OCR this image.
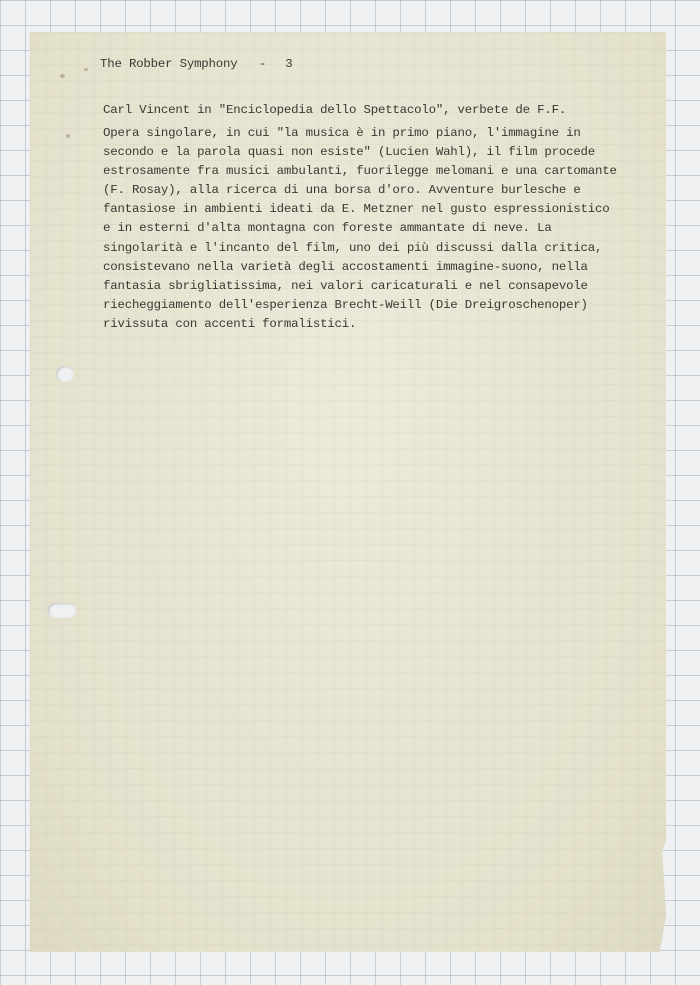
The Robber Symphony - 3
Carl Vincent in "Enciclopedia dello Spettacolo", verbete de F.F.
Opera singolare, in cui "la musica è in primo piano, l'immagine in
secondo e la parola quasi non esiste" (Lucien Wahl), il film procede
estrosamente fra musici ambulanti, fuorilegge melomani e una cartomante
(F. Rosay), alla ricerca di una borsa d'oro. Avventure burlesche e
fantasiose in ambienti ideati da E. Metzner nel gusto espressionistico
e in esterni d'alta montagna con foreste ammantate di neve. La
singolarità e l'incanto del film, uno dei più discussi dalla critica,
consistevano nella varietà degli accostamenti immagine-suono, nella
fantasia sbrigliatissima, nei valori caricaturali e nel consapevole
riecheggiamento dell'esperienza Brecht-Weill (Die Dreigroschenoper)
rivissuta con accenti formalistici.
